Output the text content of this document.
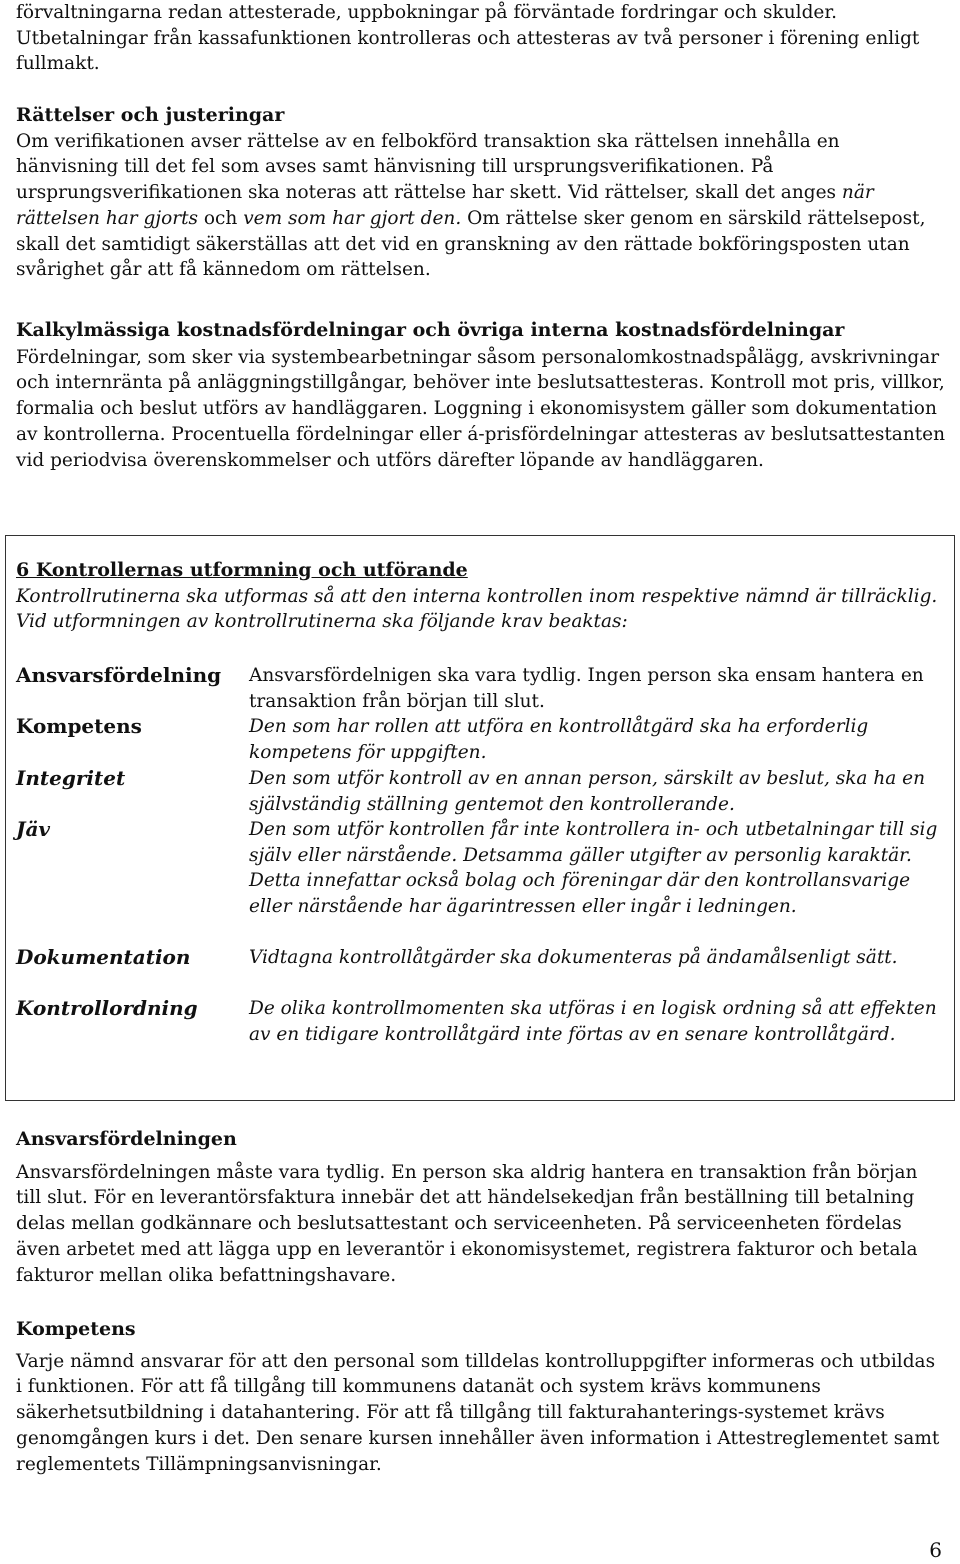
förvaltningarna redan attesterade, uppbokningar på förväntade fordringar och skulder. Utbetalningar från kassafunktionen kontrolleras och attesteras av två personer i förening enligt fullmakt.

Rättelser och justeringar

Om verifikationen avser rättelse av en felbokförd transaktion ska rättelsen innehålla en hänvisning till det fel som avses samt hänvisning till ursprungsverifikationen. På ursprungsverifikationen ska noteras att rättelse har skett. Vid rättelser, skall det anges när rättelsen har gjorts och vem som har gjort den. Om rättelse sker genom en särskild rättelsepost, skall det samtidigt säkerställas att det vid en granskning av den rättade bokföringsposten utan svårighet går att få kännedom om rättelsen.

Kalkylmässiga kostnadsfördelningar och övriga interna kostnadsfördelningar

Fördelningar, som sker via systembearbetningar såsom personalomkostnadspålägg, avskrivningar och internränta på anläggningstillgångar, behöver inte beslutsattesteras. Kontroll mot pris, villkor, formalia och beslut utförs av handläggaren. Loggning i ekonomisystem gäller som dokumentation av kontrollerna. Procentuella fördelningar eller á-prisfördelningar attesteras av beslutsattestanten vid periodvisa överenskommelser och utförs därefter löpande av handläggaren.

6 Kontrollernas utformning och utförande

Kontrollrutinerna ska utformas så att den interna kontrollen inom respektive nämnd är tillräcklig. Vid utformningen av kontrollrutinerna ska följande krav beaktas:

Ansvarsfördelning	Ansvarsfördelnigen ska vara tydlig. Ingen person ska ensam hantera en transaktion från början till slut.
Kompetens	Den som har rollen att utföra en kontrollåtgärd ska ha erforderlig kompetens för uppgiften.
Integritet	Den som utför kontroll av en annan person, särskilt av beslut, ska ha en självständig ställning gentemot den kontrollerande.
Jäv	Den som utför kontrollen får inte kontrollera in- och utbetalningar till sig själv eller närstående. Detsamma gäller utgifter av personlig karaktär. Detta innefattar också bolag och föreningar där den kontrollansvarige eller närstående har ägarintressen eller ingår i ledningen.
Dokumentation	Vidtagna kontrollåtgärder ska dokumenteras på ändamålsenligt sätt.
Kontrollordning	De olika kontrollmomenten ska utföras i en logisk ordning så att effekten av en tidigare kontrollåtgärd inte förtas av en senare kontrollåtgärd.

Ansvarsfördelningen

Ansvarsfördelningen måste vara tydlig. En person ska aldrig hantera en transaktion från början till slut. För en leverantörsfaktura innebär det att händelsekedjan från beställning till betalning delas mellan godkännare och beslutsattestant och serviceenheten. På serviceenheten fördelas även arbetet med att lägga upp en leverantör i ekonomisystemet, registrera fakturor och betala fakturor mellan olika befattningshavare.

Kompetens

Varje nämnd ansvarar för att den personal som tilldelas kontrolluppgifter informeras och utbildas i funktionen. För att få tillgång till kommunens datanät och system krävs kommunens säkerhetsutbildning i datahantering. För att få tillgång till fakturahanterings-systemet krävs genomgången kurs i det. Den senare kursen innehåller även information i Attestreglementet samt reglementets Tillämpningsanvisningar.

6
